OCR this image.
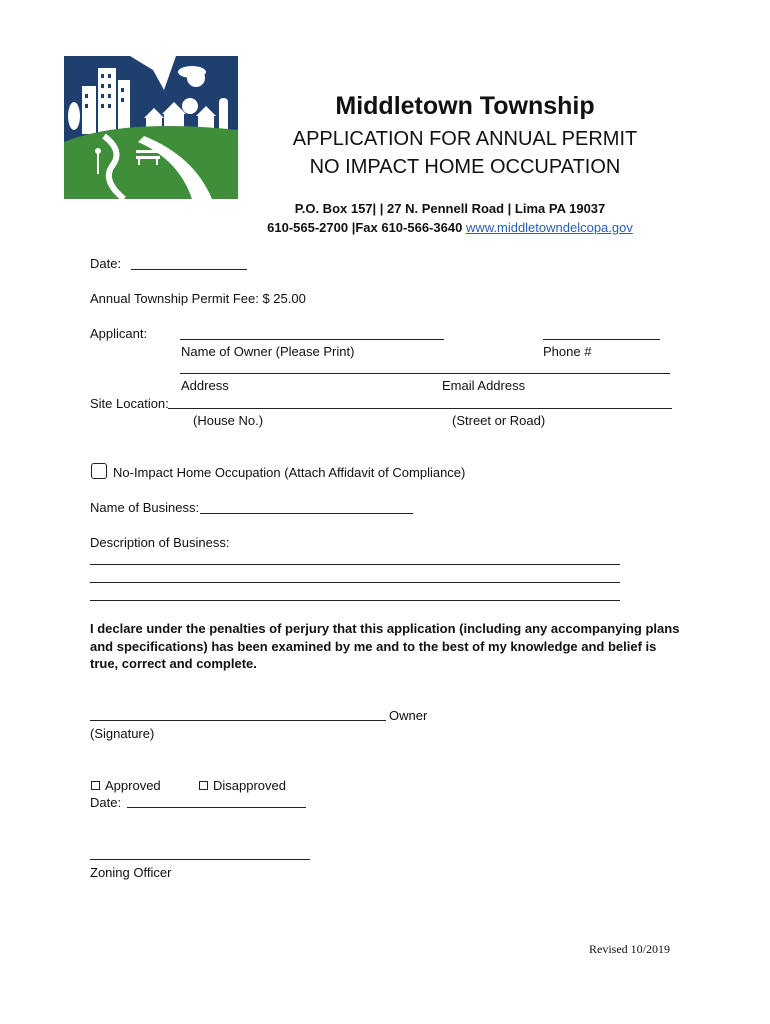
Middletown Township
APPLICATION FOR ANNUAL PERMIT
NO IMPACT HOME OCCUPATION
P.O. Box 157| | 27 N. Pennell Road | Lima PA 19037
610-565-2700 |Fax 610-566-3640 www.middletowndelcopa.gov
Date:
Annual Township Permit Fee: $ 25.00
Applicant:
Name of Owner (Please Print)	Phone #
Address	Email Address
Site Location:
(House No.)	(Street or Road)
No-Impact Home Occupation (Attach Affidavit of Compliance)
Name of Business:
Description of Business:
I declare under the penalties of perjury that this application (including any accompanying plans and specifications) has been examined by me and to the best of my knowledge and belief is true, correct and complete.
Owner
(Signature)
Approved	Disapproved
Date:
Zoning Officer
Revised 10/2019
